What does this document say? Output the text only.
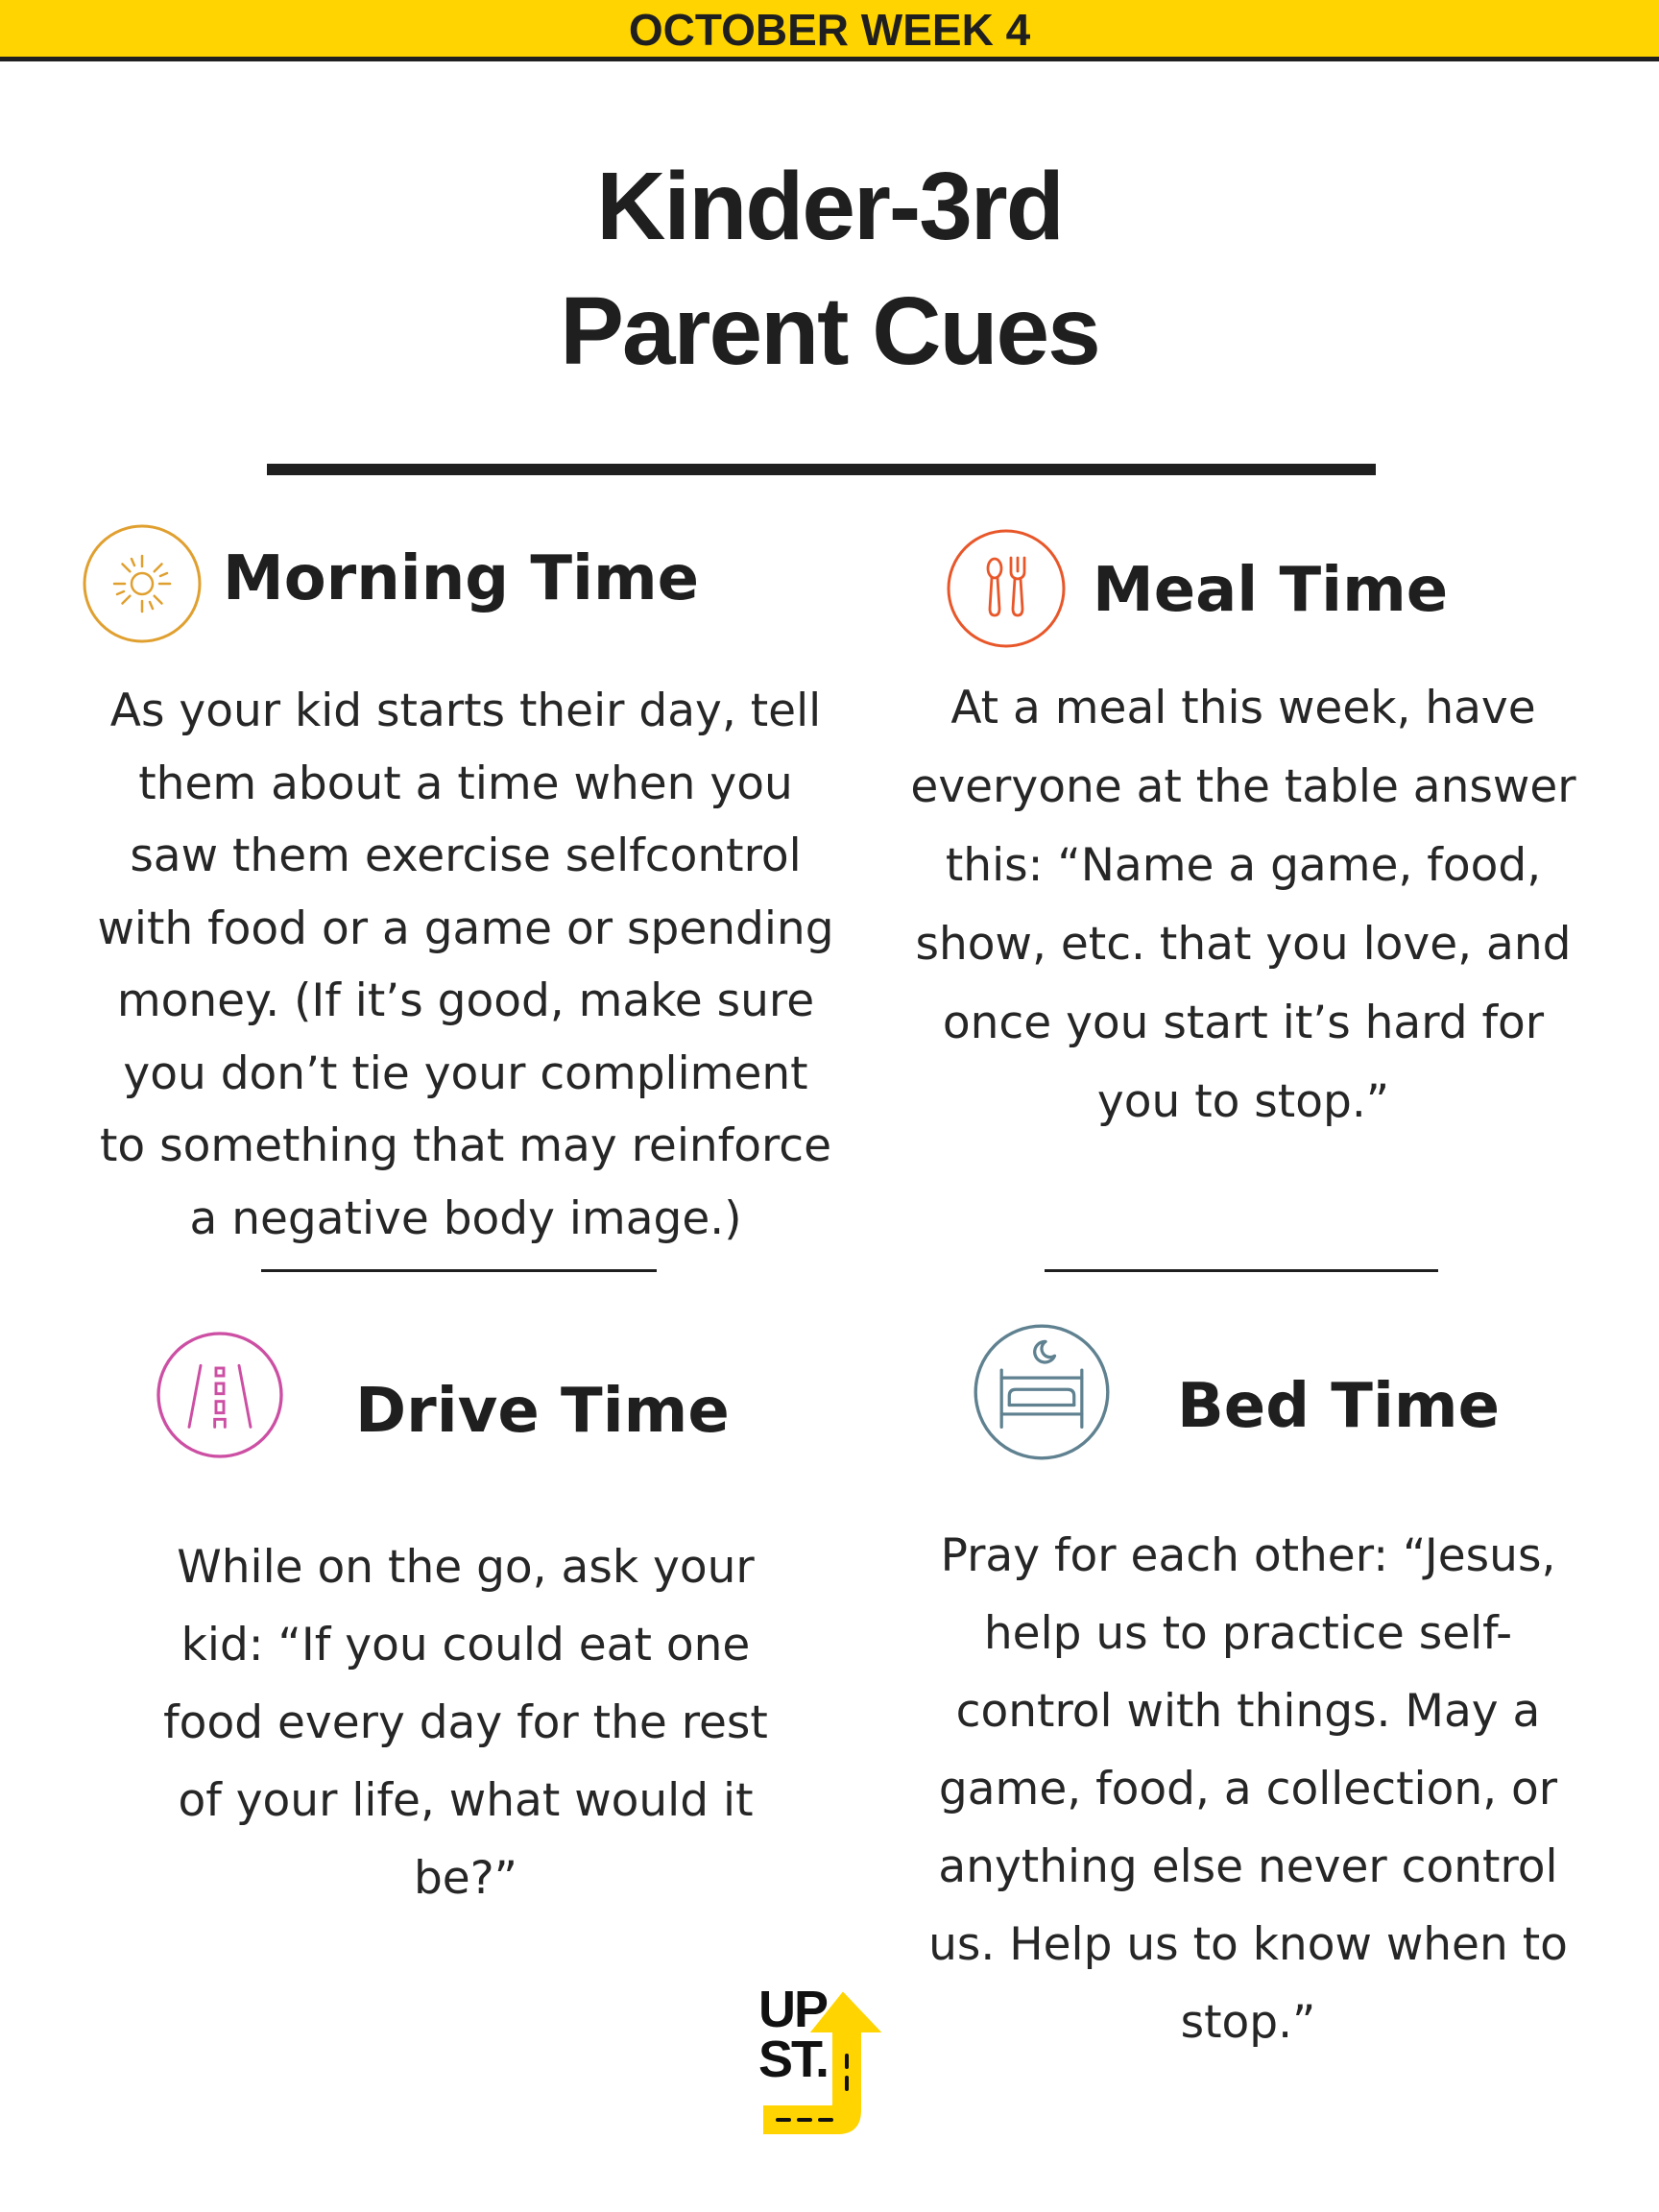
OCTOBER WEEK 4
Kinder-3rd
Parent Cues
Morning Time
As your kid starts their day, tell
them about a time when you
saw them exercise selfcontrol
with food or a game or spending
money. (If it’s good, make sure
you don’t tie your compliment
to something that may reinforce
a negative body image.)
Meal Time
At a meal this week, have
everyone at the table answer
this: “Name a game, food,
show, etc. that you love, and
once you start it’s hard for
you to stop.”
Drive Time
While on the go, ask your
kid: “If you could eat one
food every day for the rest
of your life, what would it
be?”
Bed Time
Pray for each other: “Jesus,
help us to practice self-
control with things. May a
game, food, a collection, or
anything else never control
us. Help us to know when to
stop.”
UP
ST.
